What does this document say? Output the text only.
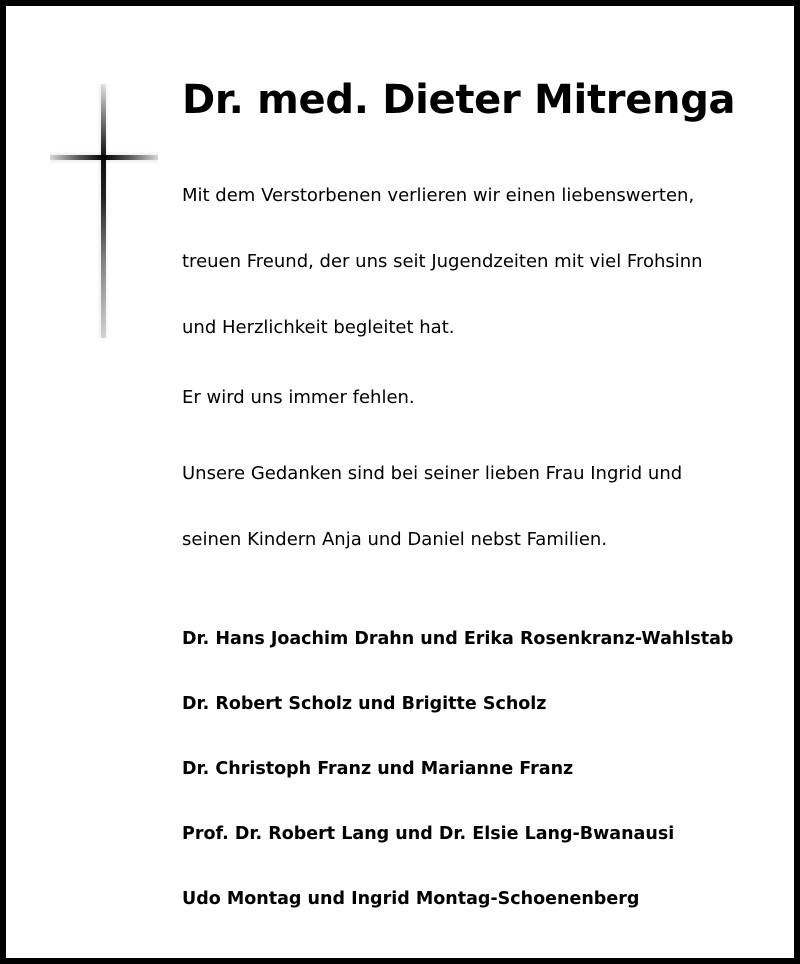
Dr. med. Dieter Mitrenga

Mit dem Verstorbenen verlieren wir einen liebenswerten,

treuen Freund, der uns seit Jugendzeiten mit viel Frohsinn

und Herzlichkeit begleitet hat.

Er wird uns immer fehlen.

Unsere Gedanken sind bei seiner lieben Frau Ingrid und

seinen Kindern Anja und Daniel nebst Familien.

Dr. Hans Joachim Drahn und Erika Rosenkranz-Wahlstab

Dr. Robert Scholz und Brigitte Scholz

Dr. Christoph Franz und Marianne Franz

Prof. Dr. Robert Lang und Dr. Elsie Lang-Bwanausi

Udo Montag und Ingrid Montag-Schoenenberg
